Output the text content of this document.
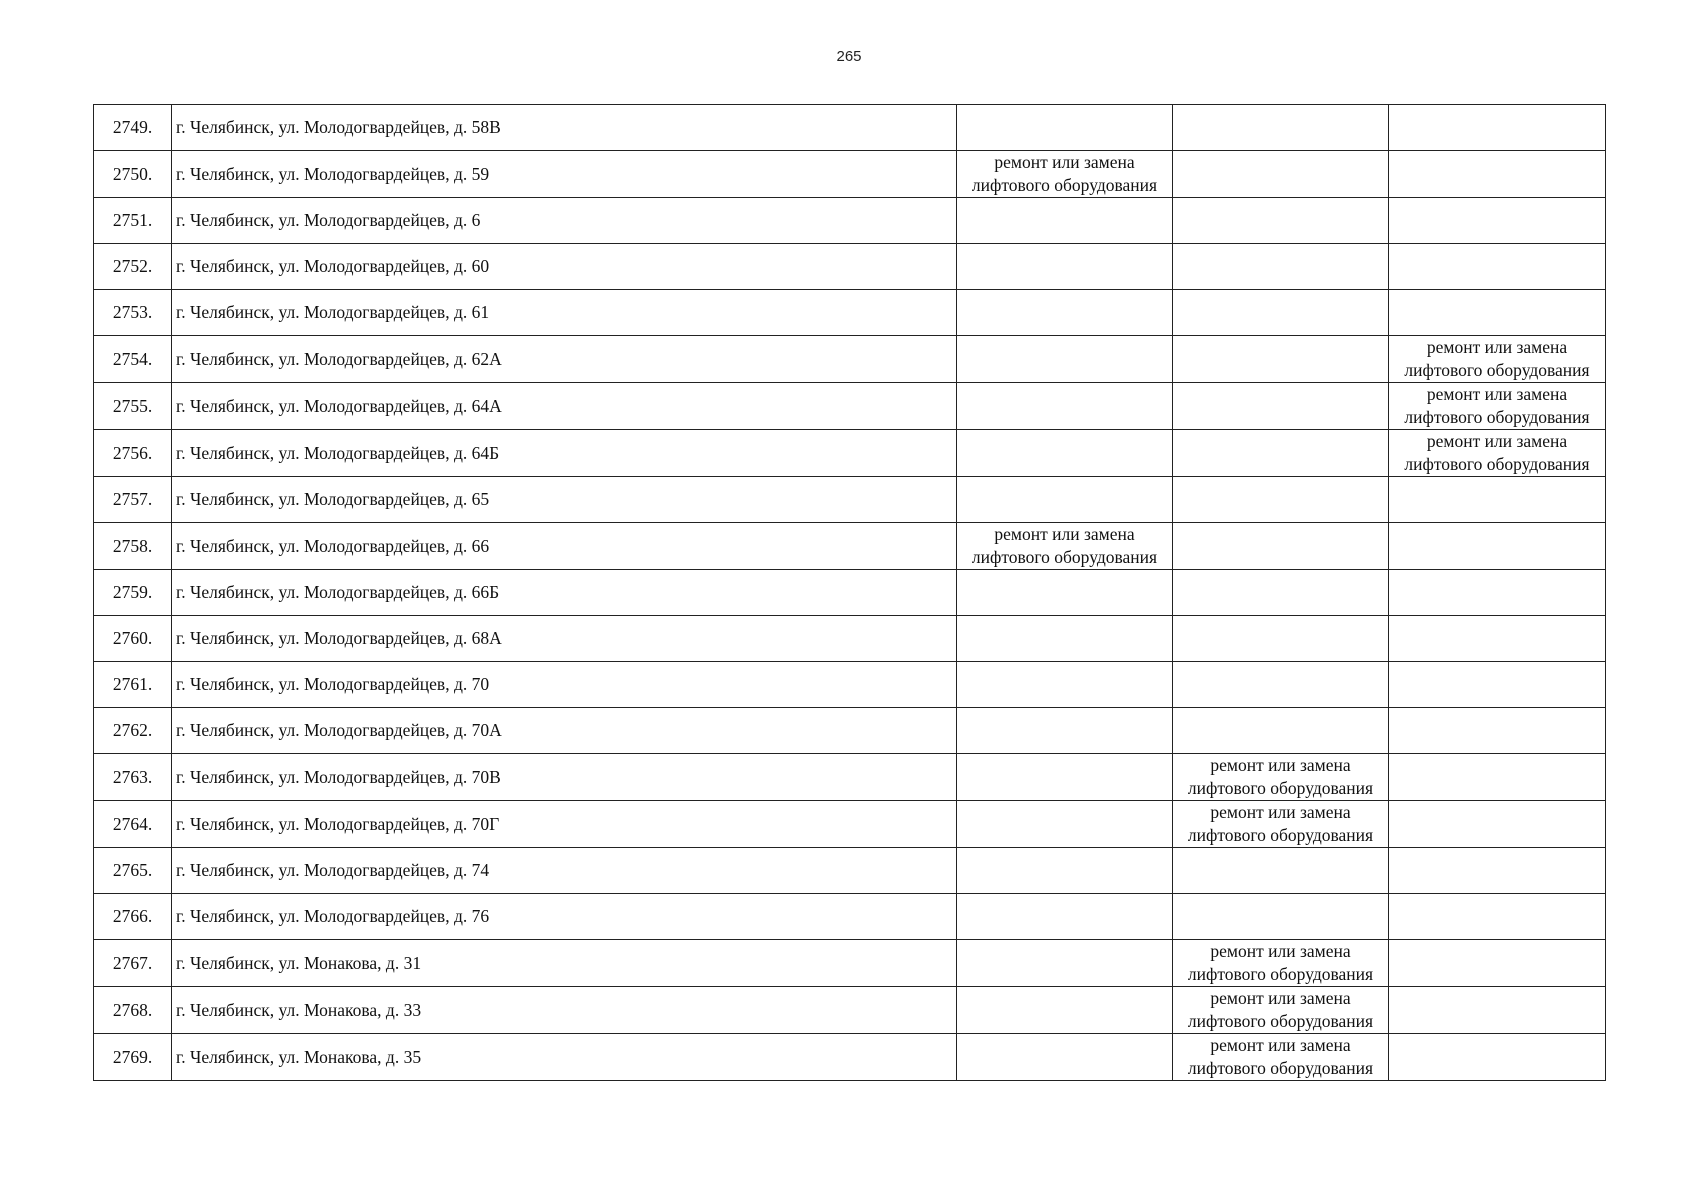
265
2749.	г. Челябинск, ул. Молодогвардейцев, д. 58В	

2750.	г. Челябинск, ул. Молодогвардейцев, д. 59	ремонт или замена
лифтового оборудования		

2751.	г. Челябинск, ул. Молодогвардейцев, д. 6	

2752.	г. Челябинск, ул. Молодогвардейцев, д. 60	

2753.	г. Челябинск, ул. Молодогвардейцев, д. 61	

2754.	г. Челябинск, ул. Молодогвардейцев, д. 62А			ремонт или замена
лифтового оборудования

2755.	г. Челябинск, ул. Молодогвардейцев, д. 64А			ремонт или замена
лифтового оборудования

2756.	г. Челябинск, ул. Молодогвардейцев, д. 64Б			ремонт или замена
лифтового оборудования

2757.	г. Челябинск, ул. Молодогвардейцев, д. 65	

2758.	г. Челябинск, ул. Молодогвардейцев, д. 66	ремонт или замена
лифтового оборудования		

2759.	г. Челябинск, ул. Молодогвардейцев, д. 66Б	

2760.	г. Челябинск, ул. Молодогвардейцев, д. 68А	

2761.	г. Челябинск, ул. Молодогвардейцев, д. 70	

2762.	г. Челябинск, ул. Молодогвардейцев, д. 70А	

2763.	г. Челябинск, ул. Молодогвардейцев, д. 70В		ремонт или замена
лифтового оборудования	

2764.	г. Челябинск, ул. Молодогвардейцев, д. 70Г		ремонт или замена
лифтового оборудования	

2765.	г. Челябинск, ул. Молодогвардейцев, д. 74	

2766.	г. Челябинск, ул. Молодогвардейцев, д. 76	

2767.	г. Челябинск, ул. Монакова, д. 31		ремонт или замена
лифтового оборудования	

2768.	г. Челябинск, ул. Монакова, д. 33		ремонт или замена
лифтового оборудования	

2769.	г. Челябинск, ул. Монакова, д. 35		ремонт или замена
лифтового оборудования	
